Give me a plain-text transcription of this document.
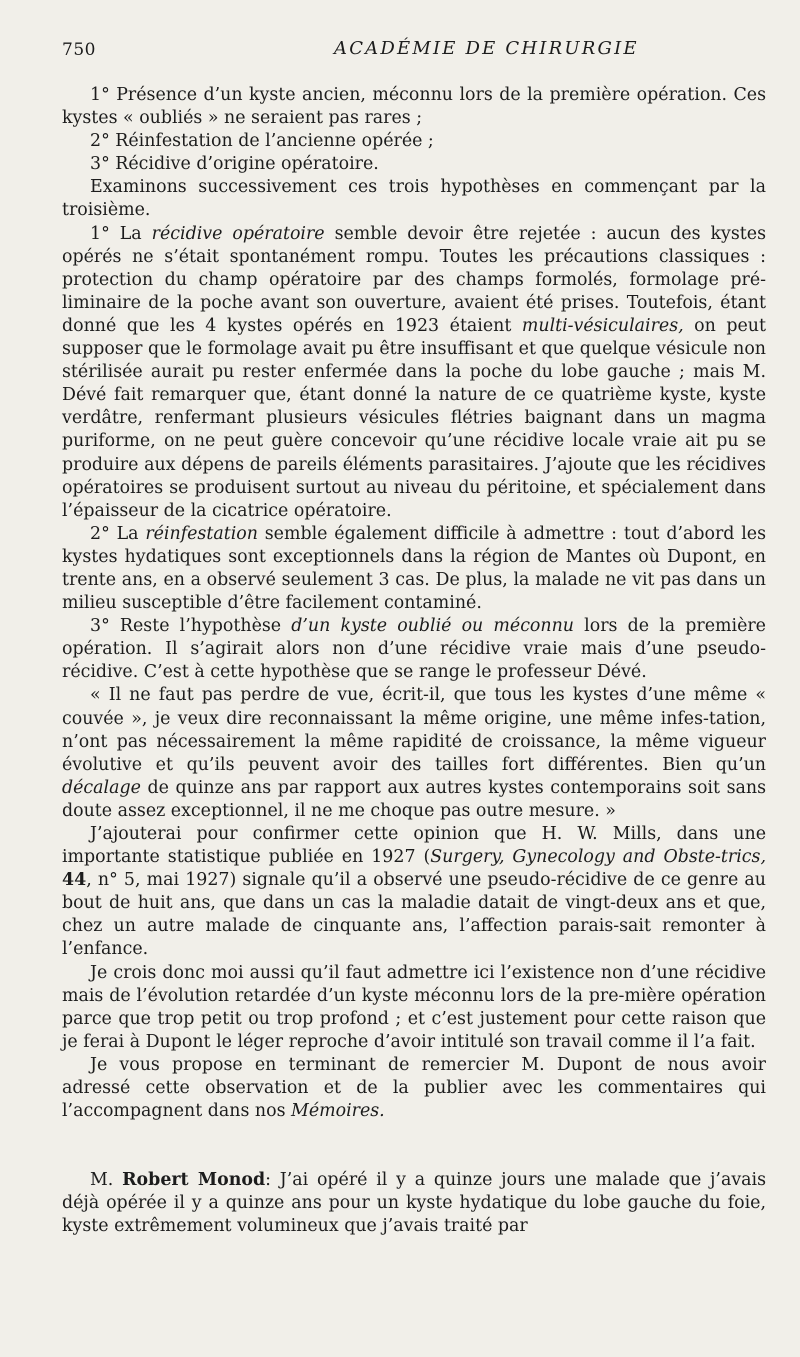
750	ACADÉMIE DE CHIRURGIE

1° Présence d’un kyste ancien, méconnu lors de la première opération. Ces kystes « oubliés » ne seraient pas rares ;

2° Réinfestation de l’ancienne opérée ;

3° Récidive d’origine opératoire.

Examinons successivement ces trois hypothèses en commençant par la troisième.

1° La récidive opératoire semble devoir être rejetée : aucun des kystes opérés ne s’était spontanément rompu. Toutes les précautions classiques : protection du champ opératoire par des champs formolés, formolage pré-liminaire de la poche avant son ouverture, avaient été prises. Toutefois, étant donné que les 4 kystes opérés en 1923 étaient multi-vésiculaires, on peut supposer que le formolage avait pu être insuffisant et que quelque vésicule non stérilisée aurait pu rester enfermée dans la poche du lobe gauche ; mais M. Dévé fait remarquer que, étant donné la nature de ce quatrième kyste, kyste verdâtre, renfermant plusieurs vésicules flétries baignant dans un magma puriforme, on ne peut guère concevoir qu’une récidive locale vraie ait pu se produire aux dépens de pareils éléments parasitaires. J’ajoute que les récidives opératoires se produisent surtout au niveau du péritoine, et spécialement dans l’épaisseur de la cicatrice opératoire.

2° La réinfestation semble également difficile à admettre : tout d’abord les kystes hydatiques sont exceptionnels dans la région de Mantes où Dupont, en trente ans, en a observé seulement 3 cas. De plus, la malade ne vit pas dans un milieu susceptible d’être facilement contaminé.

3° Reste l’hypothèse d’un kyste oublié ou méconnu lors de la première opération. Il s’agirait alors non d’une récidive vraie mais d’une pseudo-récidive. C’est à cette hypothèse que se range le professeur Dévé.

« Il ne faut pas perdre de vue, écrit-il, que tous les kystes d’une même « couvée », je veux dire reconnaissant la même origine, une même infes-tation, n’ont pas nécessairement la même rapidité de croissance, la même vigueur évolutive et qu’ils peuvent avoir des tailles fort différentes. Bien qu’un décalage de quinze ans par rapport aux autres kystes contemporains soit sans doute assez exceptionnel, il ne me choque pas outre mesure. »

J’ajouterai pour confirmer cette opinion que H. W. Mills, dans une importante statistique publiée en 1927 (Surgery, Gynecology and Obste-trics, 44, n° 5, mai 1927) signale qu’il a observé une pseudo-récidive de ce genre au bout de huit ans, que dans un cas la maladie datait de vingt-deux ans et que, chez un autre malade de cinquante ans, l’affection parais-sait remonter à l’enfance.

Je crois donc moi aussi qu’il faut admettre ici l’existence non d’une récidive mais de l’évolution retardée d’un kyste méconnu lors de la pre-mière opération parce que trop petit ou trop profond ; et c’est justement pour cette raison que je ferai à Dupont le léger reproche d’avoir intitulé son travail comme il l’a fait.

Je vous propose en terminant de remercier M. Dupont de nous avoir adressé cette observation et de la publier avec les commentaires qui l’accompagnent dans nos Mémoires.

M. Robert Monod: J’ai opéré il y a quinze jours une malade que j’avais déjà opérée il y a quinze ans pour un kyste hydatique du lobe gauche du foie, kyste extrêmement volumineux que j’avais traité par
